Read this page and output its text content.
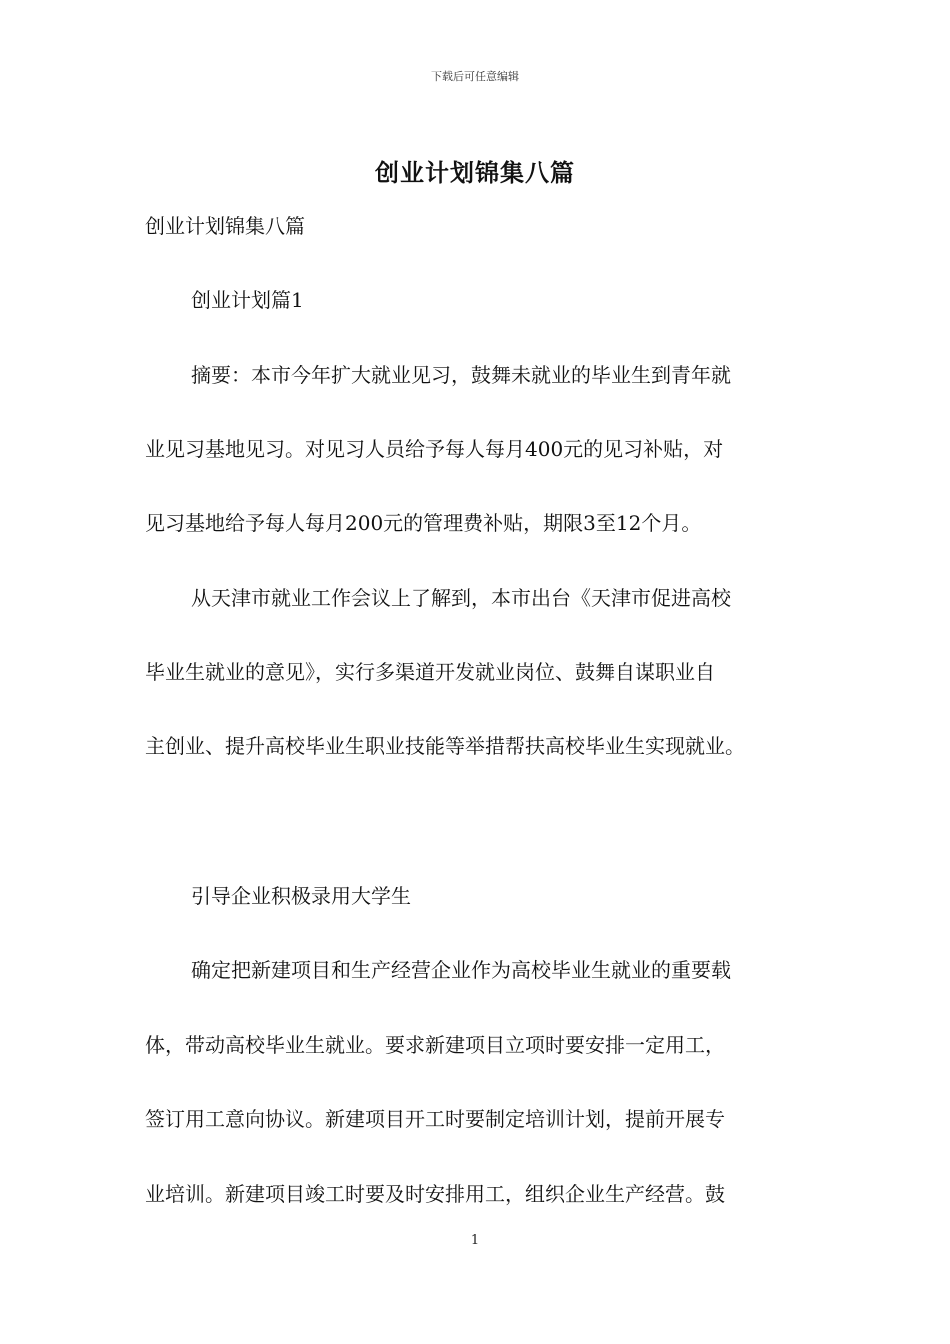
下载后可任意编辑
创业计划锦集八篇

创业计划锦集八篇

创业计划篇1

摘要：本市今年扩大就业见习，鼓舞未就业的毕业生到青年就

业见习基地见习。对见习人员给予每人每月400元的见习补贴，对

见习基地给予每人每月200元的管理费补贴，期限3至12个月。

从天津市就业工作会议上了解到，本市出台《天津市促进高校

毕业生就业的意见》，实行多渠道开发就业岗位、鼓舞自谋职业自

主创业、提升高校毕业生职业技能等举措帮扶高校毕业生实现就业。

引导企业积极录用大学生

确定把新建项目和生产经营企业作为高校毕业生就业的重要载

体，带动高校毕业生就业。要求新建项目立项时要安排一定用工，

签订用工意向协议。新建项目开工时要制定培训计划，提前开展专

业培训。新建项目竣工时要及时安排用工，组织企业生产经营。鼓

1
